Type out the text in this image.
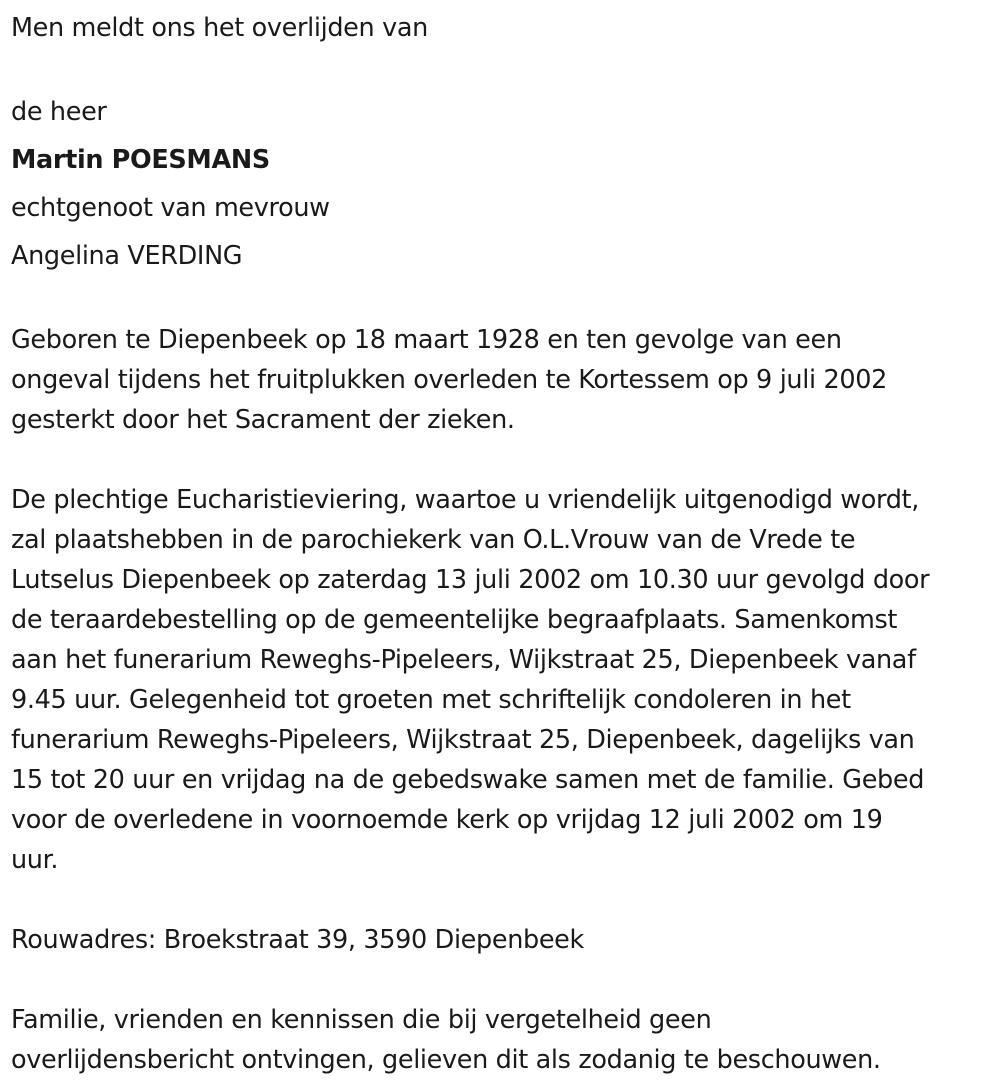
Men meldt ons het overlijden van

de heer

Martin POESMANS

echtgenoot van mevrouw

Angelina VERDING

Geboren te Diepenbeek op 18 maart 1928 en ten gevolge van een

ongeval tijdens het fruitplukken overleden te Kortessem op 9 juli 2002

gesterkt door het Sacrament der zieken.

De plechtige Eucharistieviering, waartoe u vriendelijk uitgenodigd wordt,

zal plaatshebben in de parochiekerk van O.L.Vrouw van de Vrede te

Lutselus Diepenbeek op zaterdag 13 juli 2002 om 10.30 uur gevolgd door

de teraardebestelling op de gemeentelijke begraafplaats. Samenkomst

aan het funerarium Reweghs-Pipeleers, Wijkstraat 25, Diepenbeek vanaf

9.45 uur. Gelegenheid tot groeten met schriftelijk condoleren in het

funerarium Reweghs-Pipeleers, Wijkstraat 25, Diepenbeek, dagelijks van

15 tot 20 uur en vrijdag na de gebedswake samen met de familie. Gebed

voor de overledene in voornoemde kerk op vrijdag 12 juli 2002 om 19

uur.

Rouwadres: Broekstraat 39, 3590 Diepenbeek

Familie, vrienden en kennissen die bij vergetelheid geen

overlijdensbericht ontvingen, gelieven dit als zodanig te beschouwen.
